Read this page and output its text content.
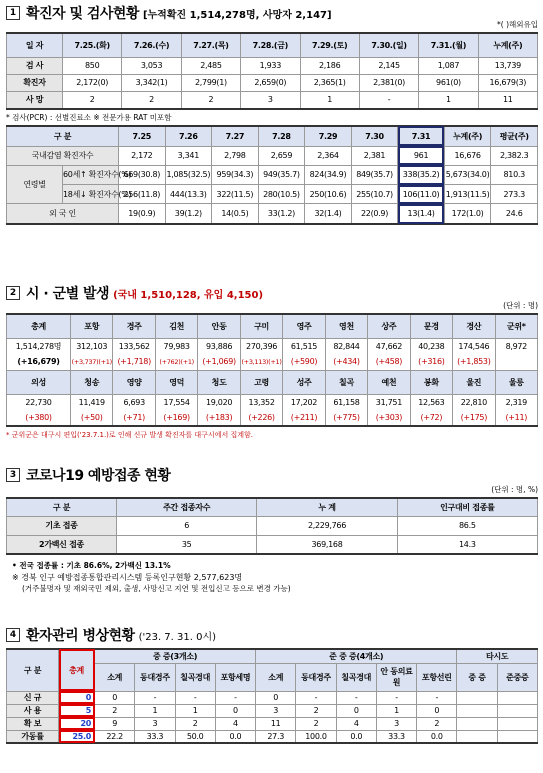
1 확진자 및 검사현황 [누적확진 1,514,278명, 사망자 2,147]
*( )해외유입
일 자	7.25.(화)	7.26.(수)	7.27.(목)	7.28.(금)	7.29.(토)	7.30.(일)	7.31.(월)	누계(주)
검 사	850	3,053	2,485	1,933	2,186	2,145	1,087	13,739
확진자	2,172(0)	3,342(1)	2,799(1)	2,659(0)	2,365(1)	2,381(0)	961(0)	16,679(3)
사 망	2	2	2	3	1	-	1	11
* 검사(PCR) : 선별진료소 ※ 전문가용 RAT 미포함
구 분		7.25	7.26	7.27	7.28	7.29	7.30	7.31	누계(주)	평균(주)
국내감염 확진자수		2,172	3,341	2,798	2,659	2,364	2,381	961	16,676	2,382.3
연령별	60세↑ 확진자수(%)	669(30.8)	1,085(32.5)	959(34.3)	949(35.7)	824(34.9)	849(35.7)	338(35.2)	5,673(34.0)	810.3
	18세↓ 확진자수(%)	256(11.8)	444(13.3)	322(11.5)	280(10.5)	250(10.6)	255(10.7)	106(11.0)	1,913(11.5)	273.3
외 국 인		19(0.9)	39(1.2)	14(0.5)	33(1.2)	32(1.4)	22(0.9)	13(1.4)	172(1.0)	24.6
2 시 · 군별 발생 (국내 1,510,128, 유입 4,150)
(단위 : 명)
총계	포항	경주	김천	안동	구미	영주	영천	상주	문경	경산	군위*
1,514,278명	312,103	133,562	79,983	93,886	270,396	61,515	82,844	47,662	40,238	174,546	8,972
(+16,679)	(+3,737)(+1)	(+1,718)	(+762)(+1)	(+1,069)	(+3,113)(+1)	(+590)	(+434)	(+458)	(+316)	(+1,853)	
의성	청송	영양	영덕	청도	고령	성주	칠곡	예천	봉화	울진	울릉
22,730	11,419	6,693	17,554	19,020	13,352	17,202	61,158	31,751	12,563	22,810	2,319
(+380)	(+50)	(+71)	(+169)	(+183)	(+226)	(+211)	(+775)	(+303)	(+72)	(+175)	(+11)
* 군위군은 대구시 편입('23.7.1.)로 인해 신규 발생 확진자를 대구시에서 집계함.
3 코로나19 예방접종 현황
(단위 : 명, %)
구 분	주간 접종자수	누 계	인구대비 접종률
기초 접종	6	2,229,766	86.5
2가백신 접종	35	369,168	14.3
• 전국 접종률 : 기초 86.6%, 2가백신 13.1%
※ 경북 인구 예방접종통합관리시스템 등록인구현황 2,577,623명
(거주불명자 및 재외국민 제외, 출생, 사망신고 지연 및 전입신고 등으로 변경 가능)
4 환자관리 병상현황 ('23. 7. 31. 0시)
구 분	총계	중 증(3개소)				준 중 증(4개소)					타시도	
		소계	동대경주	칠곡경대	포항세명	소계	동대경주	칠곡경대	안 동의료원	포항선린	중 증	준중증
신 규	0	0	-	-	-	0	-	-	-	-		
사 용	5	2	1	1	0	3	2	0	1	0		
확 보	20	9	3	2	4	11	2	4	3	2		
가동률	25.0	22.2	33.3	50.0	0.0	27.3	100.0	0.0	33.3	0.0		
